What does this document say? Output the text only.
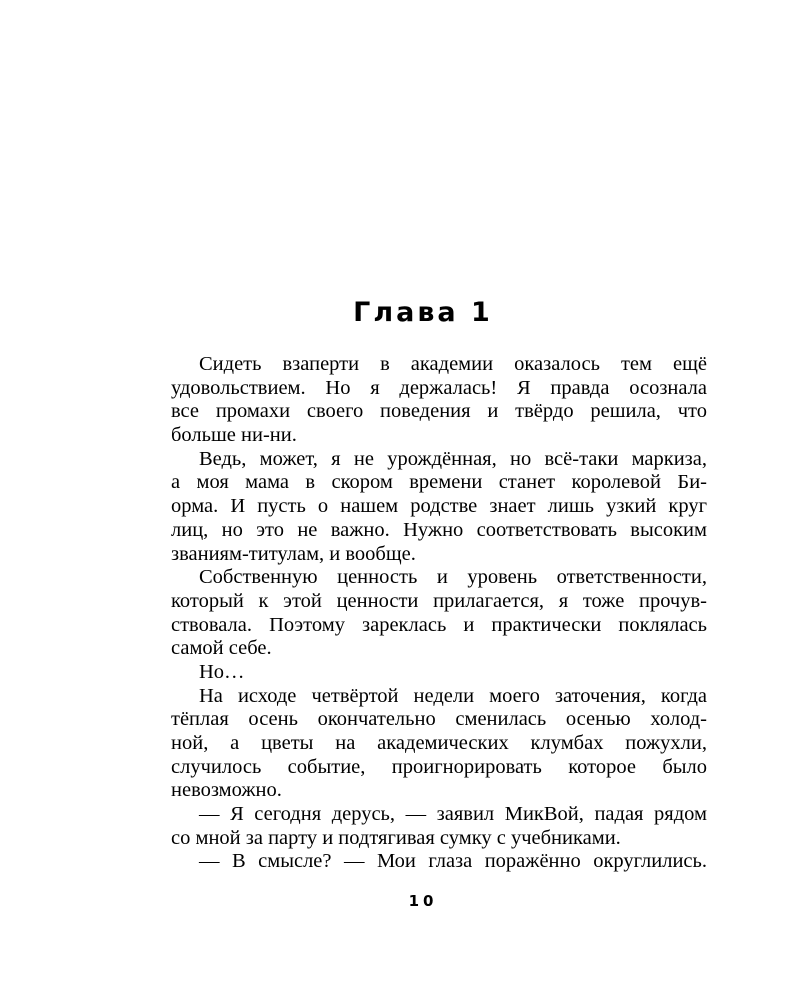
Глава 1
Сидеть взаперти в академии оказалось тем ещё
удовольствием. Но я держалась! Я правда осознала
все промахи своего поведения и твёрдо решила, что
больше ни-ни.
Ведь, может, я не урождённая, но всё-таки маркиза,
а моя мама в скором времени станет королевой Би-
орма. И пусть о нашем родстве знает лишь узкий круг
лиц, но это не важно. Нужно соответствовать высоким
званиям-титулам, и вообще.
Собственную ценность и уровень ответственности,
который к этой ценности прилагается, я тоже прочув-
ствовала. Поэтому зареклась и практически поклялась
самой себе.
Но…
На исходе четвёртой недели моего заточения, когда
тёплая осень окончательно сменилась осенью холод-
ной, а цветы на академических клумбах пожухли,
случилось событие, проигнорировать которое было
невозможно.
— Я сегодня дерусь, — заявил МикВой, падая рядом
со мной за парту и подтягивая сумку с учебниками.
— В смысле? — Мои глаза поражённо округлились.
10
